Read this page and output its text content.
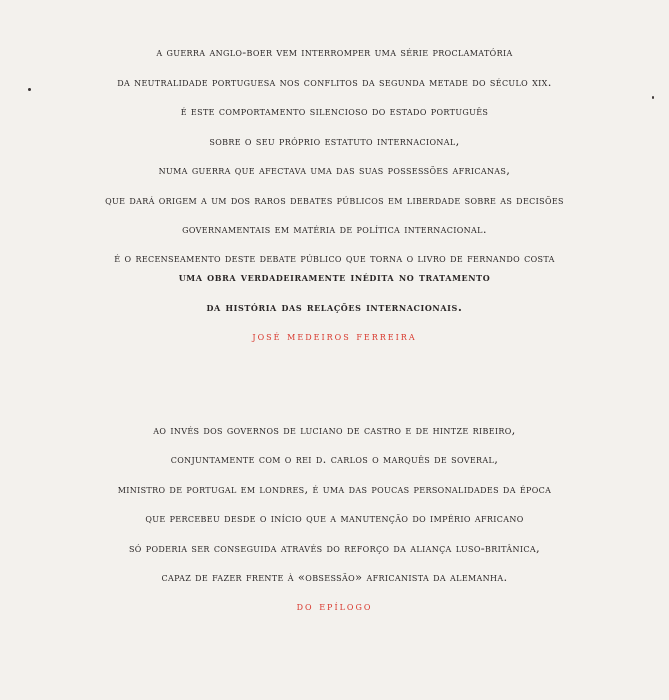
a guerra anglo-boer vem interromper uma série proclamatória
da neutralidade portuguesa nos conflitos da segunda metade do século xix.
é este comportamento silencioso do estado português
sobre o seu próprio estatuto internacional,
numa guerra que afectava uma das suas possessões africanas,
que dará origem a um dos raros debates públicos em liberdade sobre as decisões
governamentais em matéria de política internacional.
é o recenseamento deste debate público que torna o livro de fernando costa
uma obra verdadeiramente inédita no tratamento
da história das relações internacionais.
josé medeiros ferreira
ao invés dos governos de luciano de castro e de hintze ribeiro,
conjuntamente com o rei d. carlos o marquês de soveral,
ministro de portugal em londres, é uma das poucas personalidades da época
que percebeu desde o início que a manutenção do império africano
só poderia ser conseguida através do reforço da aliança luso-britânica,
capaz de fazer frente à «obsessão» africanista da alemanha.
do epílogo
